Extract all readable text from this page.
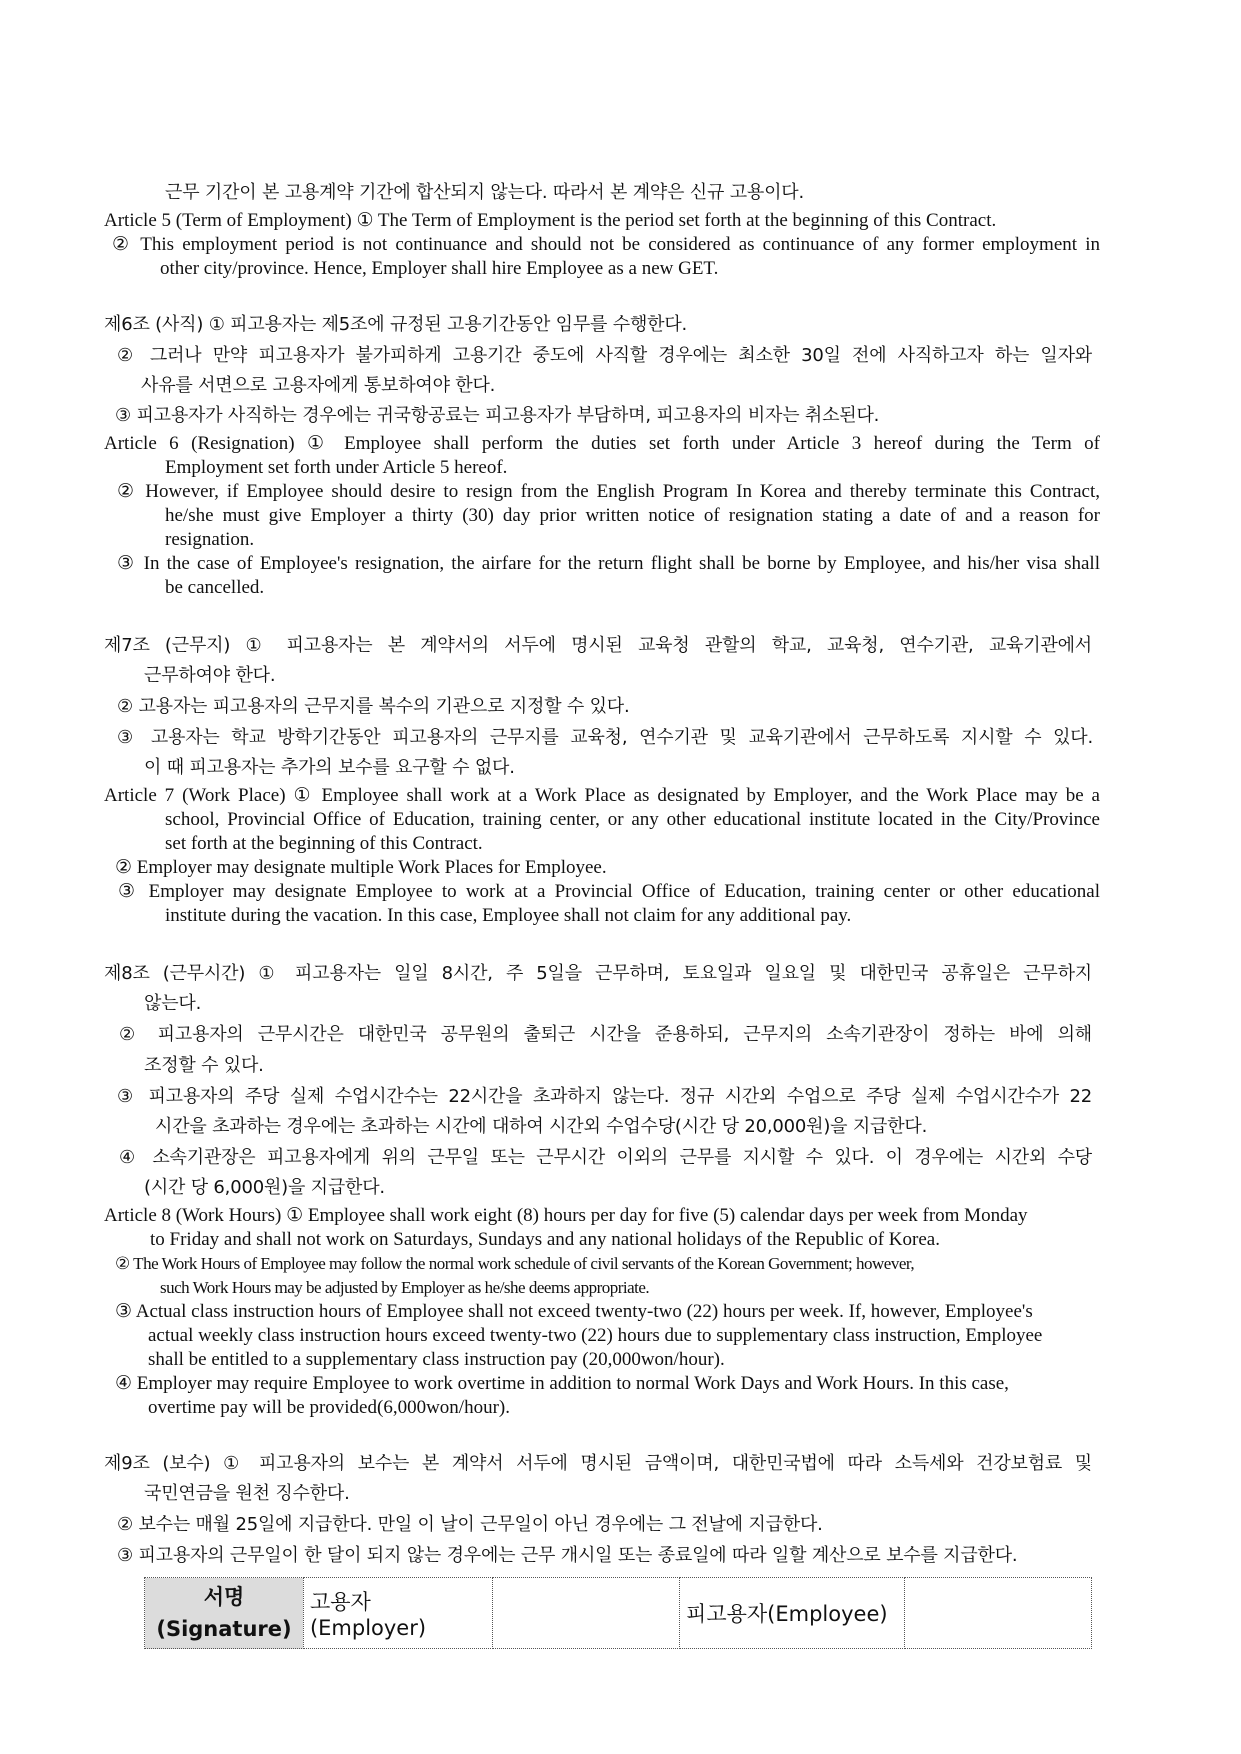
근무 기간이 본 고용계약 기간에 합산되지 않는다. 따라서 본 계약은 신규 고용이다.
Article 5 (Term of Employment) ① The Term of Employment is the period set forth at the beginning of this Contract.
② This employment period is not continuance and should not be considered as continuance of any former employment in
other city/province. Hence, Employer shall hire Employee as a new GET.
제6조 (사직) ① 피고용자는 제5조에 규정된 고용기간동안 임무를 수행한다.
② 그러나 만약 피고용자가 불가피하게 고용기간 중도에 사직할 경우에는 최소한 30일 전에 사직하고자 하는 일자와
사유를 서면으로 고용자에게 통보하여야 한다.
③ 피고용자가 사직하는 경우에는 귀국항공료는 피고용자가 부담하며, 피고용자의 비자는 취소된다.
Article 6 (Resignation) ① Employee shall perform the duties set forth under Article 3 hereof during the Term of
Employment set forth under Article 5 hereof.
② However, if Employee should desire to resign from the English Program In Korea and thereby terminate this Contract,
he/she must give Employer a thirty (30) day prior written notice of resignation stating a date of and a reason for
resignation.
③ In the case of Employee's resignation, the airfare for the return flight shall be borne by Employee, and his/her visa shall
be cancelled.
제7조 (근무지) ① 피고용자는 본 계약서의 서두에 명시된 교육청 관할의 학교, 교육청, 연수기관, 교육기관에서
근무하여야 한다.
② 고용자는 피고용자의 근무지를 복수의 기관으로 지정할 수 있다.
③ 고용자는 학교 방학기간동안 피고용자의 근무지를 교육청, 연수기관 및 교육기관에서 근무하도록 지시할 수 있다.
이 때 피고용자는 추가의 보수를 요구할 수 없다.
Article 7 (Work Place) ① Employee shall work at a Work Place as designated by Employer, and the Work Place may be a
school, Provincial Office of Education, training center, or any other educational institute located in the City/Province
set forth at the beginning of this Contract.
② Employer may designate multiple Work Places for Employee.
③ Employer may designate Employee to work at a Provincial Office of Education, training center or other educational
institute during the vacation. In this case, Employee shall not claim for any additional pay.
제8조 (근무시간) ① 피고용자는 일일 8시간, 주 5일을 근무하며, 토요일과 일요일 및 대한민국 공휴일은 근무하지
않는다.
② 피고용자의 근무시간은 대한민국 공무원의 출퇴근 시간을 준용하되, 근무지의 소속기관장이 정하는 바에 의해
조정할 수 있다.
③ 피고용자의 주당 실제 수업시간수는 22시간을 초과하지 않는다. 정규 시간외 수업으로 주당 실제 수업시간수가 22
시간을 초과하는 경우에는 초과하는 시간에 대하여 시간외 수업수당(시간 당 20,000원)을 지급한다.
④ 소속기관장은 피고용자에게 위의 근무일 또는 근무시간 이외의 근무를 지시할 수 있다. 이 경우에는 시간외 수당
(시간 당 6,000원)을 지급한다.
Article 8 (Work Hours) ① Employee shall work eight (8) hours per day for five (5) calendar days per week from Monday
to Friday and shall not work on Saturdays, Sundays and any national holidays of the Republic of Korea.
② The Work Hours of Employee may follow the normal work schedule of civil servants of the Korean Government; however,
such Work Hours may be adjusted by Employer as he/she deems appropriate.
③ Actual class instruction hours of Employee shall not exceed twenty-two (22) hours per week. If, however, Employee's
actual weekly class instruction hours exceed twenty-two (22) hours due to supplementary class instruction, Employee
shall be entitled to a supplementary class instruction pay (20,000won/hour).
④ Employer may require Employee to work overtime in addition to normal Work Days and Work Hours. In this case,
overtime pay will be provided(6,000won/hour).
제9조 (보수) ① 피고용자의 보수는 본 계약서 서두에 명시된 금액이며, 대한민국법에 따라 소득세와 건강보험료 및
국민연금을 원천 징수한다.
② 보수는 매월 25일에 지급한다. 만일 이 날이 근무일이 아닌 경우에는 그 전날에 지급한다.
③ 피고용자의 근무일이 한 달이 되지 않는 경우에는 근무 개시일 또는 종료일에 따라 일할 계산으로 보수를 지급한다.
서명
(Signature)
	고용자(Employer)		피고용자(Employee)	
